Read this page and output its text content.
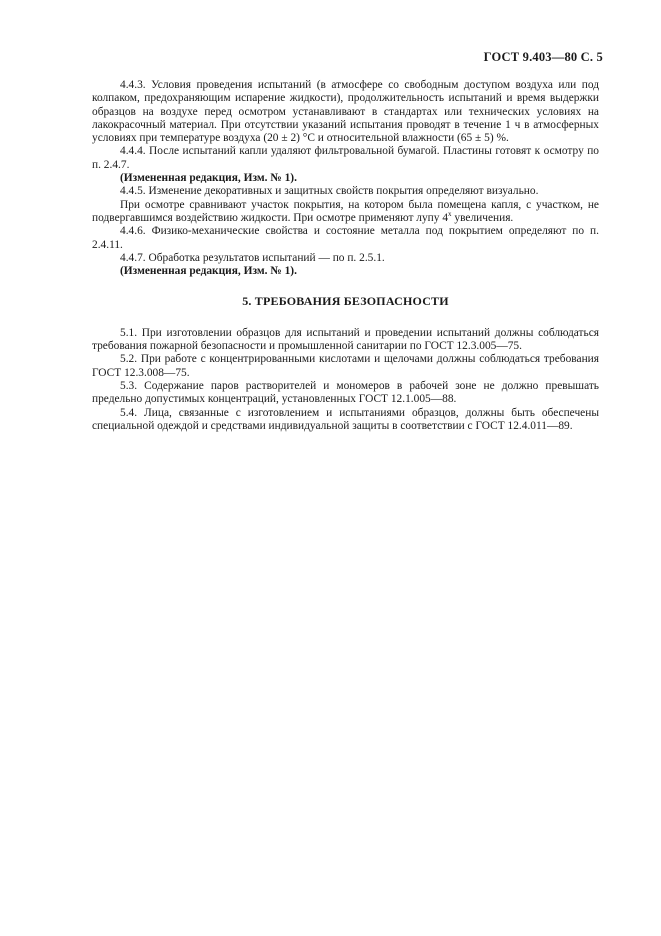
ГОСТ 9.403—80 С. 5

4.4.3. Условия проведения испытаний (в атмосфере со свободным доступом воздуха или под колпаком, предохраняющим испарение жидкости), продолжительность испытаний и время выдержки образцов на воздухе перед осмотром устанавливают в стандартах или технических условиях на лакокрасочный материал. При отсутствии указаний испытания проводят в течение 1 ч в атмосферных условиях при температуре воздуха (20 ± 2) °С и относительной влажности (65 ± 5) %.

4.4.4. После испытаний капли удаляют фильтровальной бумагой. Пластины готовят к осмотру по п. 2.4.7.

(Измененная редакция, Изм. № 1).

4.4.5. Изменение декоративных и защитных свойств покрытия определяют визуально.

При осмотре сравнивают участок покрытия, на котором была помещена капля, с участком, не подвергавшимся воздействию жидкости. При осмотре применяют лупу $4^х$ увеличения.

4.4.6. Физико-механические свойства и состояние металла под покрытием определяют по п. 2.4.11.

4.4.7. Обработка результатов испытаний — по п. 2.5.1.

(Измененная редакция, Изм. № 1).

5. ТРЕБОВАНИЯ БЕЗОПАСНОСТИ

5.1. При изготовлении образцов для испытаний и проведении испытаний должны соблюдаться требования пожарной безопасности и промышленной санитарии по ГОСТ 12.3.005—75.

5.2. При работе с концентрированными кислотами и щелочами должны соблюдаться требования ГОСТ 12.3.008—75.

5.3. Содержание паров растворителей и мономеров в рабочей зоне не должно превышать предельно допустимых концентраций, установленных ГОСТ 12.1.005—88.

5.4. Лица, связанные с изготовлением и испытаниями образцов, должны быть обеспечены специальной одеждой и средствами индивидуальной защиты в соответствии с ГОСТ 12.4.011—89.
